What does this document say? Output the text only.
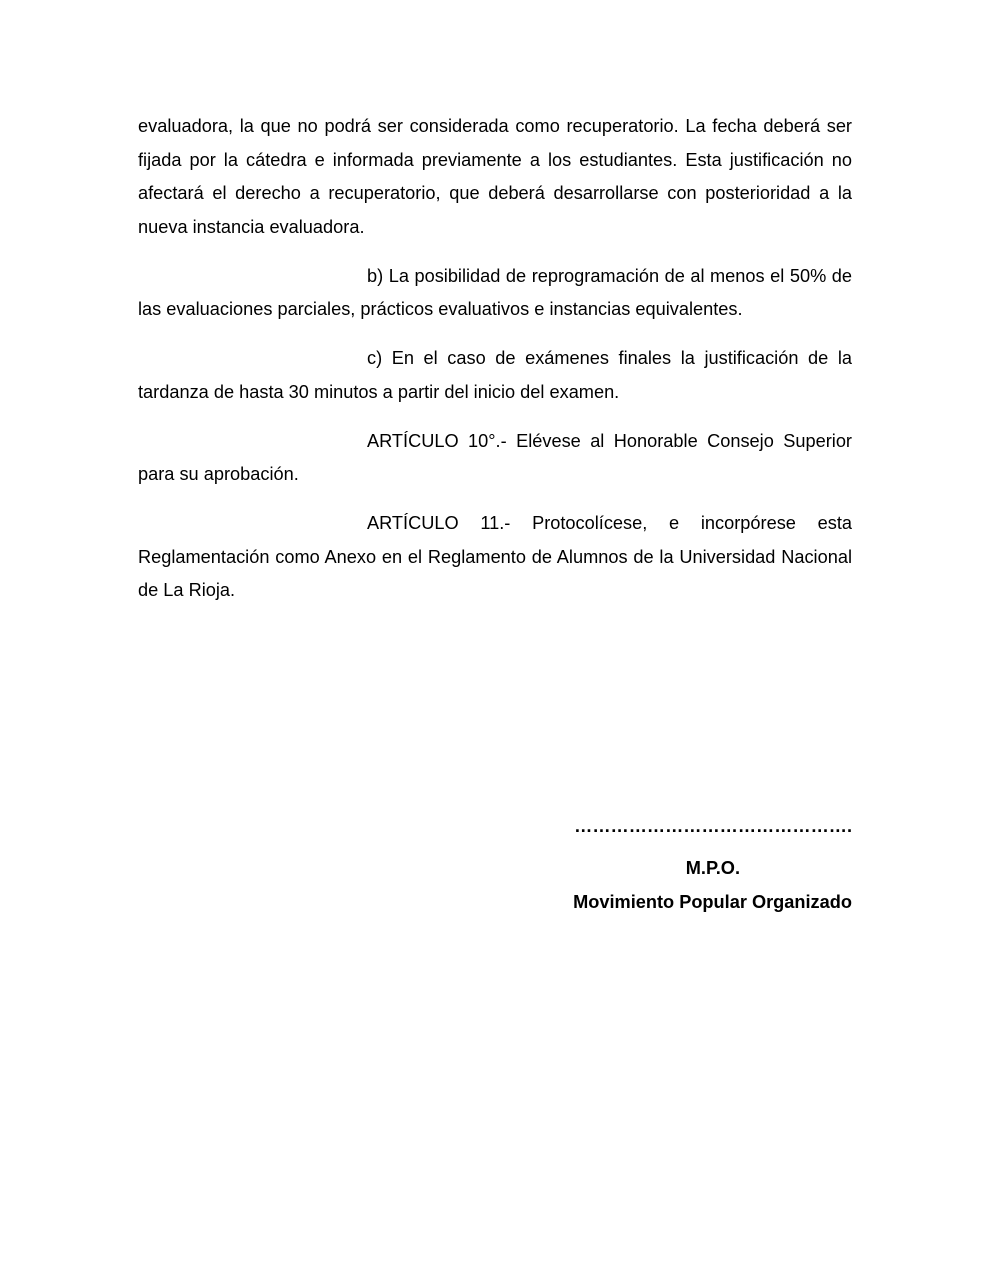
evaluadora, la que no podrá ser considerada como recuperatorio. La fecha deberá ser fijada por la cátedra e informada previamente a los estudiantes. Esta justificación no afectará el derecho a recuperatorio, que deberá desarrollarse con posterioridad a la nueva instancia evaluadora.

b) La posibilidad de reprogramación de al menos el 50% de las evaluaciones parciales, prácticos evaluativos e instancias equivalentes.

c) En el caso de exámenes finales la justificación de la tardanza de hasta 30 minutos a partir del inicio del examen.

ARTÍCULO 10°.- Elévese al Honorable Consejo Superior para su aprobación.

ARTÍCULO 11.- Protocolícese, e incorpórese esta Reglamentación como Anexo en el Reglamento de Alumnos de la Universidad Nacional de La Rioja.

……………………………………….
M.P.O.
Movimiento Popular Organizado
